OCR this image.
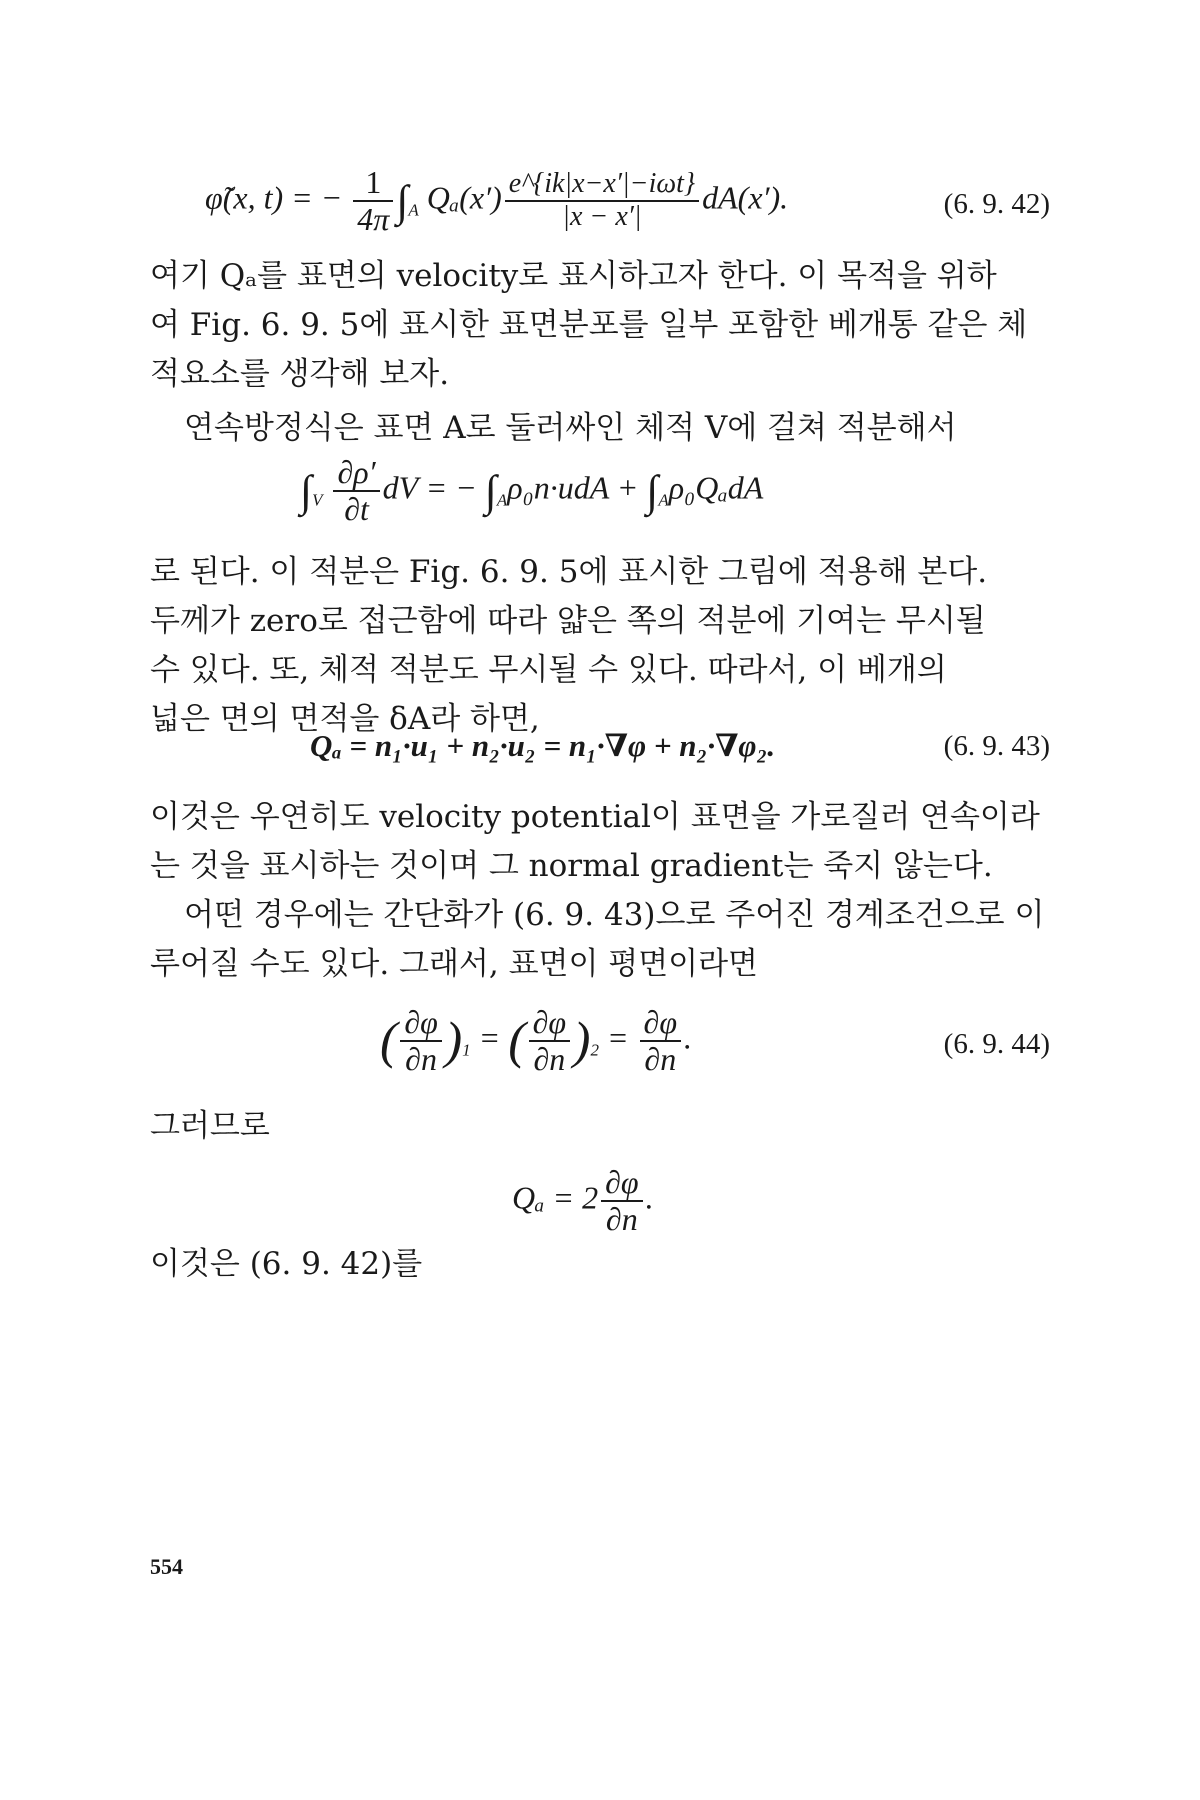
φ̃(x, t) = − $\frac{1}{4\pi} \int_A$ $Q_a(x') \frac{\text{e\textasciicircum{}\{ik|x−x′|−iωt\}}}{|x - x'|} dA(x')$.	(6. 9. 42)
여기 Qₐ를 표면의 velocity로 표시하고자 한다. 이 목적을 위하
여 Fig. 6. 9. 5에 표시한 표면분포를 일부 포함한 베개통 같은 체
적요소를 생각해 보자.
연속방정식은 표면 A로 둘러싸인 체적 V에 걸쳐 적분해서
$\int_V \frac{\partial\rho'}{\partial t}$ dV = − $\int_A\rho_0n\cdot udA + \int_A\rho_0Q_adA$
로 된다. 이 적분은 Fig. 6. 9. 5에 표시한 그림에 적용해 본다.
두께가 zero로 접근함에 따라 얇은 쪽의 적분에 기여는 무시될
수 있다. 또, 체적 적분도 무시될 수 있다. 따라서, 이 베개의
넓은 면의 면적을 δA라 하면,
Qₐ = n₁·u₁ + n₂·u₂ = n₁·∇φ + n₂·∇φ₂.	(6. 9. 43)
이것은 우연히도 velocity potential이 표면을 가로질러 연속이라
는 것을 표시하는 것이며 그 normal gradient는 죽지 않는다.
어떤 경우에는 간단화가 (6. 9. 43)으로 주어진 경계조건으로 이
루어질 수도 있다. 그래서, 표면이 평면이라면
( $\frac{\partial\varphi}{\partial n} )_1$ = ( $\frac{\partial\varphi}{\partial n} )_2 = \frac{\partial\varphi}{\partial n}$ .	(6. 9. 44)
그러므로
$Q_a = 2 \frac{\partial\varphi}{\partial n}$ .
이것은 (6. 9. 42)를
554
